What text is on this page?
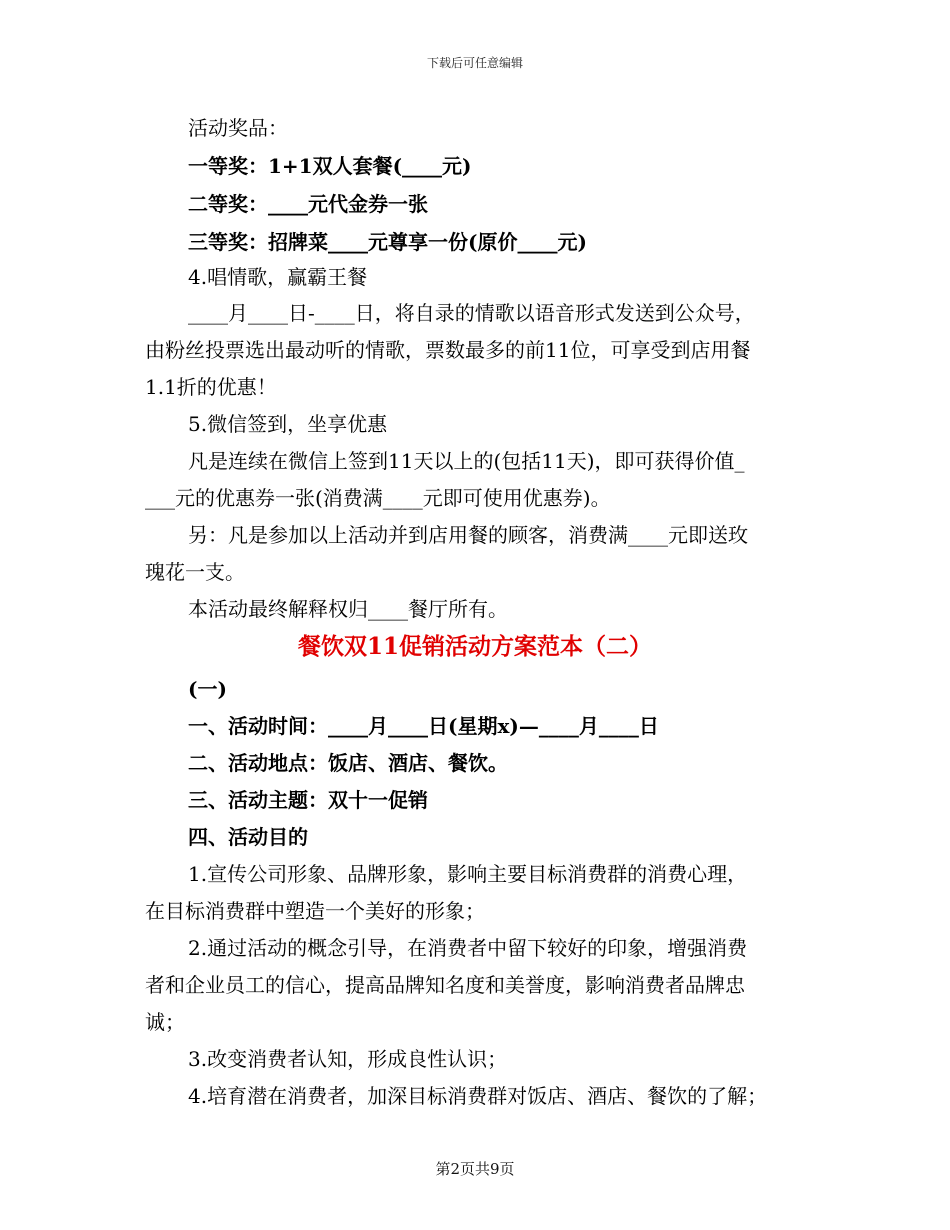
下载后可任意编辑
活动奖品：
一等奖：1+1双人套餐(____元)
二等奖：____元代金券一张
三等奖：招牌菜____元尊享一份(原价____元)
4.唱情歌，赢霸王餐
____月____日-____日，将自录的情歌以语音形式发送到公众号，
由粉丝投票选出最动听的情歌，票数最多的前11位，可享受到店用餐
1.1折的优惠！
5.微信签到，坐享优惠
凡是连续在微信上签到11天以上的(包括11天)，即可获得价值_
___元的优惠券一张(消费满____元即可使用优惠券)。
另：凡是参加以上活动并到店用餐的顾客，消费满____元即送玫
瑰花一支。
本活动最终解释权归____餐厅所有。
餐饮双11促销活动方案范本（二）
(一)
一、活动时间：____月____日(星期x)—____月____日
二、活动地点：饭店、酒店、餐饮。
三、活动主题：双十一促销
四、活动目的
1.宣传公司形象、品牌形象，影响主要目标消费群的消费心理，
在目标消费群中塑造一个美好的形象；
2.通过活动的概念引导，在消费者中留下较好的印象，增强消费
者和企业员工的信心，提高品牌知名度和美誉度，影响消费者品牌忠
诚；
3.改变消费者认知，形成良性认识；
4.培育潜在消费者，加深目标消费群对饭店、酒店、餐饮的了解；
第2页共9页
